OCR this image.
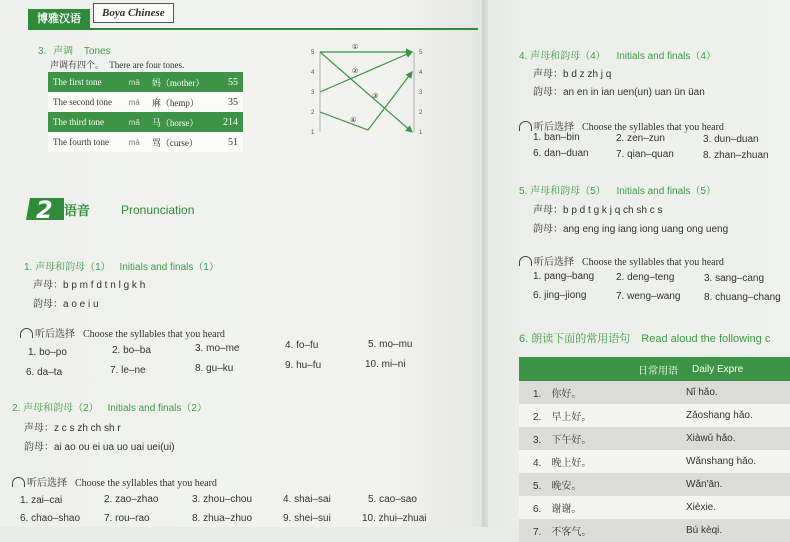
博雅汉语	Boya Chinese
3. 声调 Tones
声调有四个。 There are four tones.
The first tone	mā	妈（mother）	55
The second tone	má	麻（hemp）	35
The third tone	mǎ	马（horse）	214
The fourth tone	mà	骂（curse）	51
5
4
3
2
1
5
4
3
2
1
①
②
③
④
2 语音	Pronunciation
1. 声母和韵母（1） Initials and finals（1）
声母：b p m f d t n l g k h
韵母：a o e i u
听后选择 Choose the syllables that you heard
1. bo–po	2. bo–ba	3. mo–me	4. fo–fu	5. mo–mu
6. da–ta	7. le–ne	8. gu–ku	9. hu–fu	10. mi–ni
2. 声母和韵母（2） Initials and finals（2）
声母：z c s zh ch sh r
韵母：ai ao ou ei ua uo uai uei(ui)
听后选择 Choose the syllables that you heard
1. zai–cai	2. zao–zhao	3. zhou–chou	4. shai–sai	5. cao–sao
6. chao–shao 7. rou–rao	8. zhua–zhuo	9. shei–sui	10. zhui–zhuai
4. 声母和韵母（4） Initials and finals（4）
声母：b d z zh j q
韵母：an en in ian uen(un) uan ün üan
听后选择 Choose the syllables that you heard
1. ban–bin	2. zen–zun	3. dun–duan
6. dan–duan	7. qian–quan	8. zhan–zhuan
5. 声母和韵母（5） Initials and finals（5）
声母：b p d t g k j q ch sh c s
韵母：ang eng ing iang iong uang ong ueng
听后选择 Choose the syllables that you heard
1. pang–bang 2. deng–teng	3. sang–cang
6. jing–jiong	7. weng–wang 8. chuang–chang
6. 朗读下面的常用语句 Read aloud the following c
日常用语	Daily Expre
1.　你好。	Nǐ hǎo.
2.　早上好。	Zǎoshang hǎo.
3.　下午好。	Xiàwǔ hǎo.
4.　晚上好。	Wǎnshang hǎo.
5.　晚安。	Wǎn'ān.
6.　谢谢。	Xièxie.
7.　不客气。	Bú kèqi.
